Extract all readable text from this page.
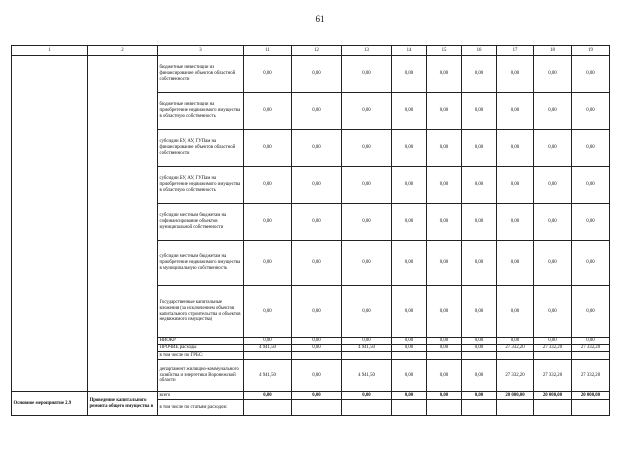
61
1	2	3	11	12	13	14	15	16	17	18	19
		бюджетные инвестиции из финансирование объектов областной собственности	0,00	0,00	0,00	0,00	0,00	0,00	0,00	0,00	0,00
		бюджетные инвестиции на приобретение недвижимого имущества в областную собственность	0,00	0,00	0,00	0,00	0,00	0,00	0,00	0,00	0,00
		субсидии БУ, АУ, ГУПам на финансирование объектов областной собственности	0,00	0,00	0,00	0,00	0,00	0,00	0,00	0,00	0,00
		субсидии БУ, АУ, ГУПам на приобретение недвижимого имущества в областную собственность	0,00	0,00	0,00	0,00	0,00	0,00	0,00	0,00	0,00
		субсидии местным бюджетам на софинансирование объектов муниципальной собственности	0,00	0,00	0,00	0,00	0,00	0,00	0,00	0,00	0,00
		субсидии местным бюджетам на приобретение недвижимого имущества в муниципальную собственность	0,00	0,00	0,00	0,00	0,00	0,00	0,00	0,00	0,00
		Государственные капитальные вложения (за исключением объектов капитального строительства и объектов недвижимого имущества)	0,00	0,00	0,00	0,00	0,00	0,00	0,00	0,00	0,00
		НИОКР	0,00	0,00	0,00	0,00	0,00	0,00	0,00	0,00	0,00
		ПРОЧИЕ расходы	4 941,50	0,00	4 941,50	0,00	0,00	0,00	27 332,20	27 332,20	27 332,20
		в том числе по ГРБС:									
		департамент жилищно-коммунального хозяйства и энергетики Воронежской области	4 941,50	0,00	4 941,50	0,00	0,00	0,00	27 332,20	27 332,20	27 332,20
Основное мероприятие 2.9	Проведение капитального ремонта общего имущества в	всего	0,00	0,00	0,00	0,00	0,00	0,00	20 000,00	20 000,00	20 000,00
		в том числе по статьям расходов:									
